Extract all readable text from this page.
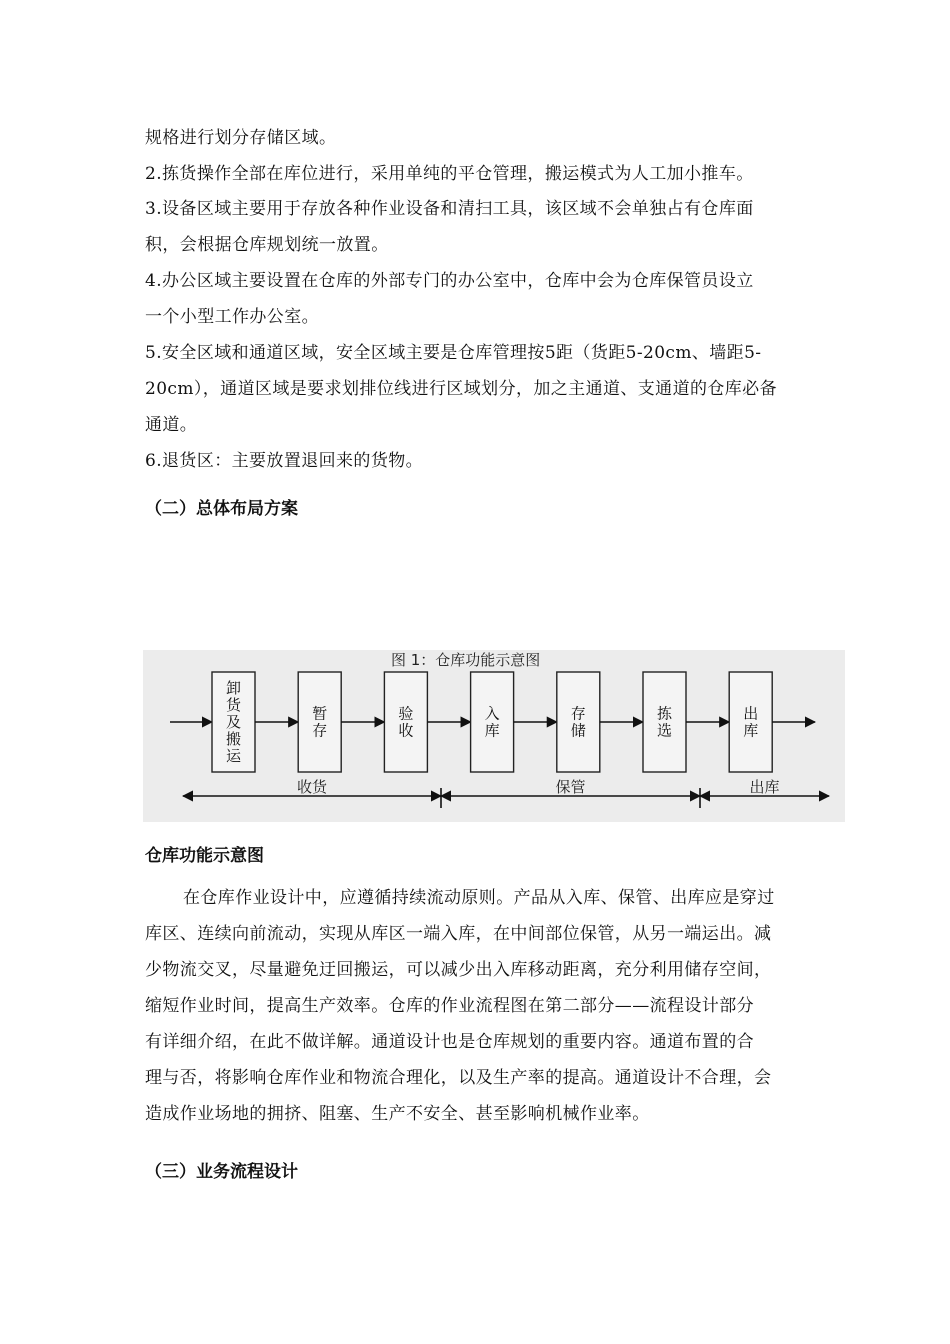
规格进行划分存储区域。
2.拣货操作全部在库位进行，采用单纯的平仓管理，搬运模式为人工加小推车。
3.设备区域主要用于存放各种作业设备和清扫工具，该区域不会单独占有仓库面
积，会根据仓库规划统一放置。
4.办公区域主要设置在仓库的外部专门的办公室中，仓库中会为仓库保管员设立
一个小型工作办公室。
5.安全区域和通道区域，安全区域主要是仓库管理按5距（货距5-20cm、墙距5-
20cm），通道区域是要求划排位线进行区域划分，加之主通道、支通道的仓库必备
通道。
6.退货区：主要放置退回来的货物。
（二）总体布局方案
图 1：仓库功能示意图
卸
货
及
搬
运
暂
存
验
收
入
库
存
储
拣
选
出
库
收货	保管	出库
仓库功能示意图
在仓库作业设计中，应遵循持续流动原则。产品从入库、保管、出库应是穿过
库区、连续向前流动，实现从库区一端入库，在中间部位保管，从另一端运出。减
少物流交叉，尽量避免迂回搬运，可以减少出入库移动距离，充分利用储存空间，
缩短作业时间，提高生产效率。仓库的作业流程图在第二部分——流程设计部分
有详细介绍，在此不做详解。通道设计也是仓库规划的重要内容。通道布置的合
理与否，将影响仓库作业和物流合理化，以及生产率的提高。通道设计不合理，会
造成作业场地的拥挤、阻塞、生产不安全、甚至影响机械作业率。
（三）业务流程设计
